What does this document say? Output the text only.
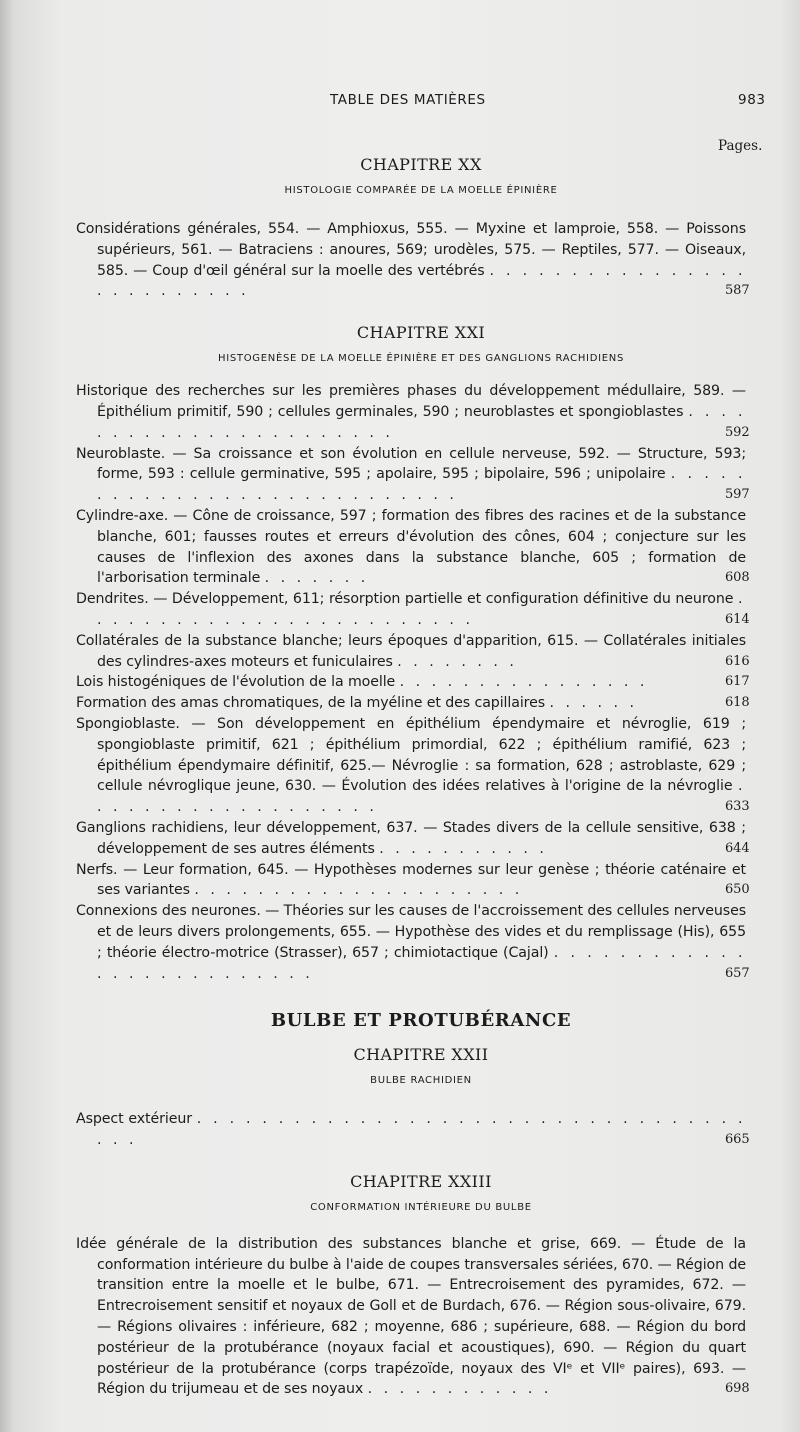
TABLE DES MATIÈRES	983
Pages.
CHAPITRE XX
HISTOLOGIE COMPARÉE DE LA MOELLE ÉPINIÈRE
Considérations générales, 554. — Amphioxus, 555. — Myxine et lamproie, 558. — Poissons supérieurs, 561. — Batraciens : anoures, 569; urodèles, 575. — Reptiles, 577. — Oiseaux, 585. — Coup d'œil général sur la moelle des vertébrés . . . . . . . . . . . . . . . . . . . . . . . . . .	587
CHAPITRE XXI
HISTOGENÈSE DE LA MOELLE ÉPINIÈRE ET DES GANGLIONS RACHIDIENS
Historique des recherches sur les premières phases du développement médullaire, 589. — Épithélium primitif, 590 ; cellules germinales, 590 ; neuroblastes et spongioblastes . . . . . . . . . . . . . . . . . . . . . . .	592
Neuroblaste. — Sa croissance et son évolution en cellule nerveuse, 592. — Structure, 593; forme, 593 : cellule germinative, 595 ; apolaire, 595 ; bipolaire, 596 ; unipolaire . . . . . . . . . . . . . . . . . . . . . . . . . . . .	597
Cylindre-axe. — Cône de croissance, 597 ; formation des fibres des racines et de la substance blanche, 601; fausses routes et erreurs d'évolution des cônes, 604 ; conjecture sur les causes de l'inflexion des axones dans la substance blanche, 605 ; formation de l'arborisation terminale . . . . . . .	608
Dendrites. — Développement, 611; résorption partielle et configuration définitive du neurone . . . . . . . . . . . . . . . . . . . . . . . . .	614
Collatérales de la substance blanche; leurs époques d'apparition, 615. — Collatérales initiales des cylindres-axes moteurs et funiculaires . . . . . . . .	616
Lois histogéniques de l'évolution de la moelle . . . . . . . . . . . . . . . .	617
Formation des amas chromatiques, de la myéline et des capillaires . . . . . .	618
Spongioblaste. — Son développement en épithélium épendymaire et névroglie, 619 ; spongioblaste primitif, 621 ; épithélium primordial, 622 ; épithélium ramifié, 623 ; épithélium épendymaire définitif, 625.— Névroglie : sa formation, 628 ; astroblaste, 629 ; cellule névroglique jeune, 630. — Évolution des idées relatives à l'origine de la névroglie . . . . . . . . . . . . . . . . . . .	633
Ganglions rachidiens, leur développement, 637. — Stades divers de la cellule sensitive, 638 ; développement de ses autres éléments . . . . . . . . . . .	644
Nerfs. — Leur formation, 645. — Hypothèses modernes sur leur genèse ; théorie caténaire et ses variantes . . . . . . . . . . . . . . . . . . . . .	650
Connexions des neurones. — Théories sur les causes de l'accroissement des cellules nerveuses et de leurs divers prolongements, 655. — Hypothèse des vides et du remplissage (His), 655 ; théorie électro-motrice (Strasser), 657 ; chimiotactique (Cajal) . . . . . . . . . . . . . . . . . . . . . . . . . .	657
BULBE ET PROTUBÉRANCE
CHAPITRE XXII
BULBE RACHIDIEN
Aspect extérieur . . . . . . . . . . . . . . . . . . . . . . . . . . . . . . . . . . . . .	665
CHAPITRE XXIII
CONFORMATION INTÉRIEURE DU BULBE
Idée générale de la distribution des substances blanche et grise, 669. — Étude de la conformation intérieure du bulbe à l'aide de coupes transversales sériées, 670. — Région de transition entre la moelle et le bulbe, 671. — Entrecroisement des pyramides, 672. — Entrecroisement sensitif et noyaux de Goll et de Burdach, 676. — Région sous-olivaire, 679. — Régions olivaires : inférieure, 682 ; moyenne, 686 ; supérieure, 688. — Région du bord postérieur de la protubérance (noyaux facial et acoustiques), 690. — Région du quart postérieur de la protubérance (corps trapézoïde, noyaux des VIᵉ et VIIᵉ paires), 693. — Région du trijumeau et de ses noyaux . . . . . . . . . . . .	698
